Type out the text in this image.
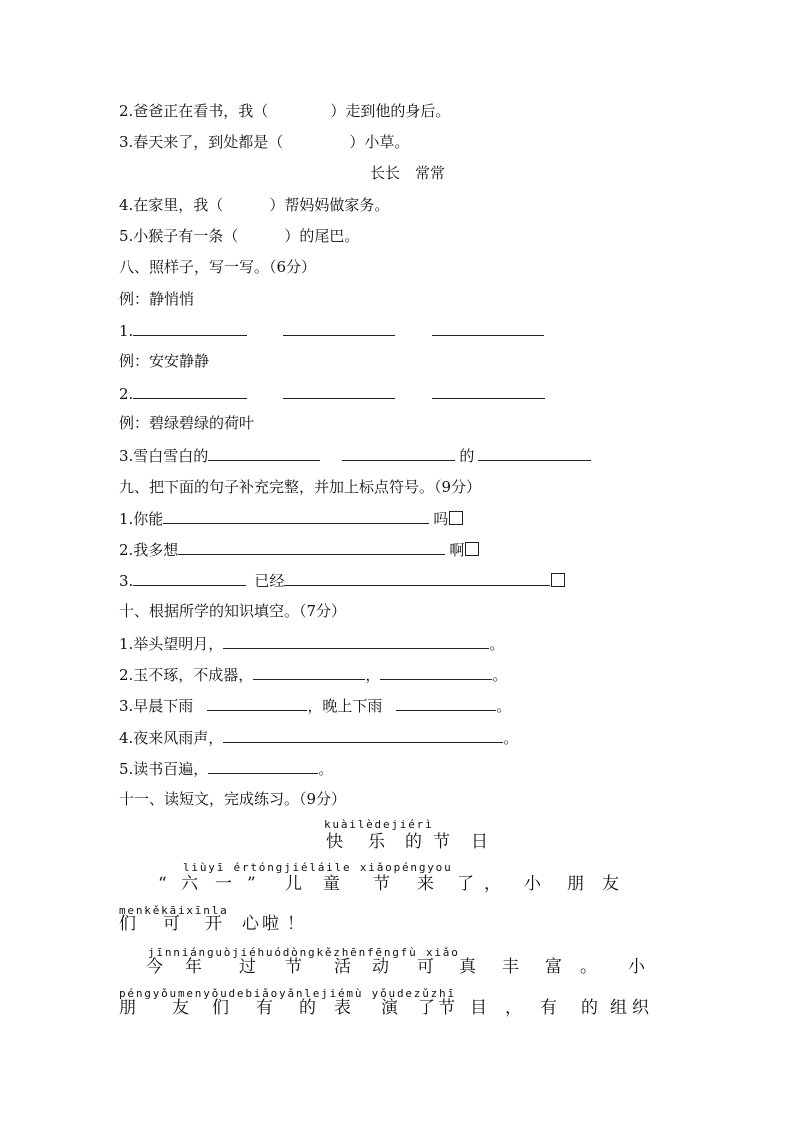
2.爸爸正在看书，我（	）走到他的身后。
3.春天来了，到处都是（	）小草。
长长　常常
4.在家里，我（	）帮妈妈做家务。
5.小猴子有一条（	）的尾巴。
八、照样子，写一写。（6分）
例：静悄悄
1.
例：安安静静
2.
例：碧绿碧绿的荷叶
3.雪白雪白的	的
九、把下面的句子补充完整，并加上标点符号。（9分）
1.你能	吗
2.我多想	啊
3.	已经
十、根据所学的知识填空。（7分）
1.举头望明月，	。
2.玉不琢，不成器，	，	。
3.早晨下雨	，晚上下雨	。
4.夜来风雨声，	。
5.读书百遍，	。
十一、读短文，完成练习。（9分）
kuàilèdejiérì
快 乐 的 节 日
liùyī értóngjiéláile xiǎopéngyou
“ 六 一 ” 儿 童 节 来 了 ， 小 朋 友
menkěkāixīnla
们 可 开 心 啦 ！
jīnniánguòjiéhuódòngkězhēnfēngfù xiǎo
今 年 过 节 活 动 可 真 丰 富 。 小
péngyǒumenyǒudebiǎoyǎnlejiémù yǒudezǔzhī
朋 友 们 有 的 表 演 了 节 目 ， 有 的 组 织
